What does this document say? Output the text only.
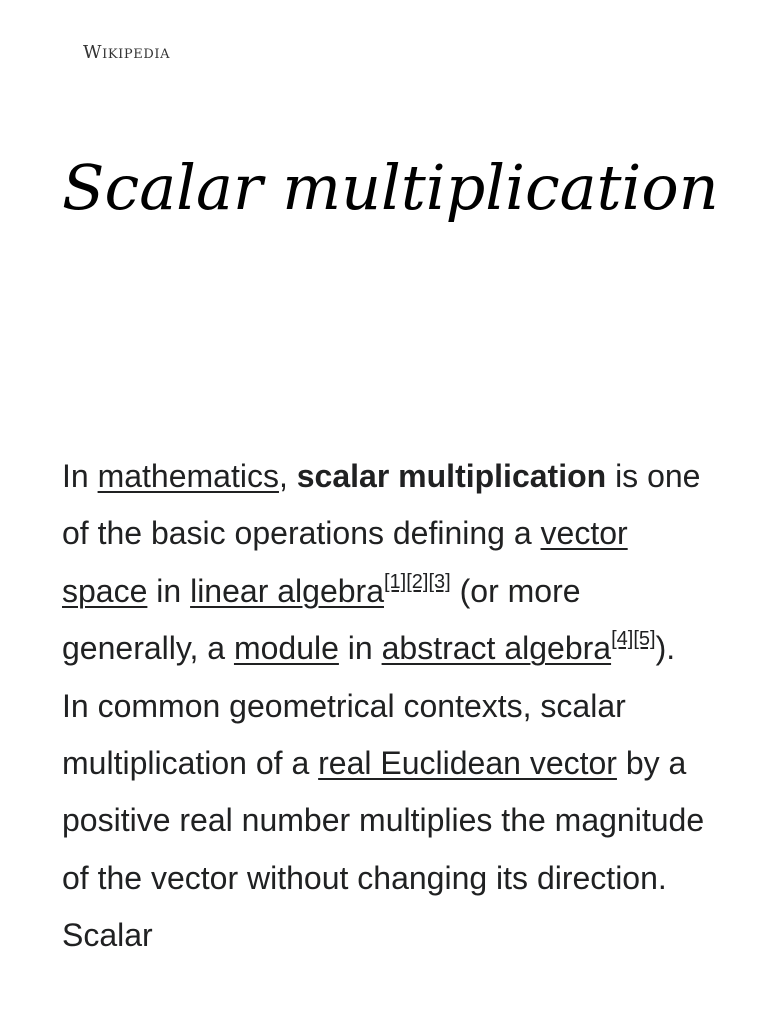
Wikipedia
Scalar multiplication

In mathematics, scalar multiplication is one of the basic operations defining a vector space in linear algebra[1][2][3] (or more generally, a module in abstract algebra[4][5]). In common geometrical contexts, scalar multiplication of a real Euclidean vector by a positive real number multiplies the magnitude of the vector without changing its direction. Scalar
